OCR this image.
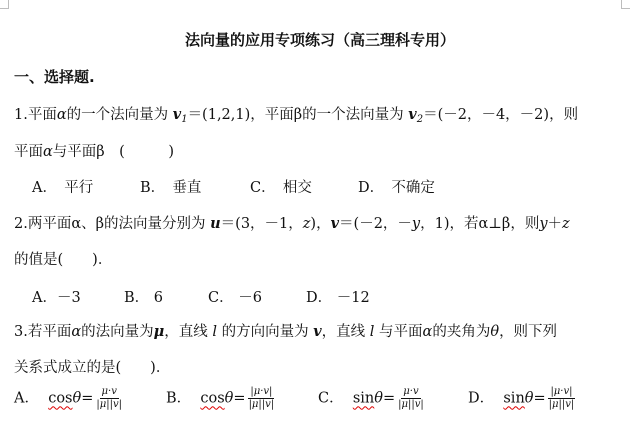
法向量的应用专项练习（高三理科专用）
一、选择题.
1.平面α的一个法向量为 $v_1=(1,2,1)$，平面β的一个法向量为 $v_2=(-2$，－4，－2)，则
平面α与平面β　(　　　)
A．　平行	B．　垂直	C．　相交	D．　不确定
2.两平面α、β的法向量分别为 u＝(3，－1，z)，v＝(－2，－y，1)，若α⊥β，则y＋z
的值是(　　)．
A．－3	B． 6	C． －6	D． －12
3.若平面α的法向量为μ，直线 l 的方向向量为 v，直线 l 与平面α的夹角为θ，则下列
关系式成立的是(　　)．
A． $\cos\theta= \frac{\mu\cdot v}{|\mu||v|}$	B． $\cos\theta= \frac{|\mu\cdot v|}{|\mu||v|}$	C． $\sin\theta= \frac{\mu\cdot v}{|\mu||v|}$	D． $\sin\theta= \frac{|\mu\cdot v|}{|\mu||v|}$
